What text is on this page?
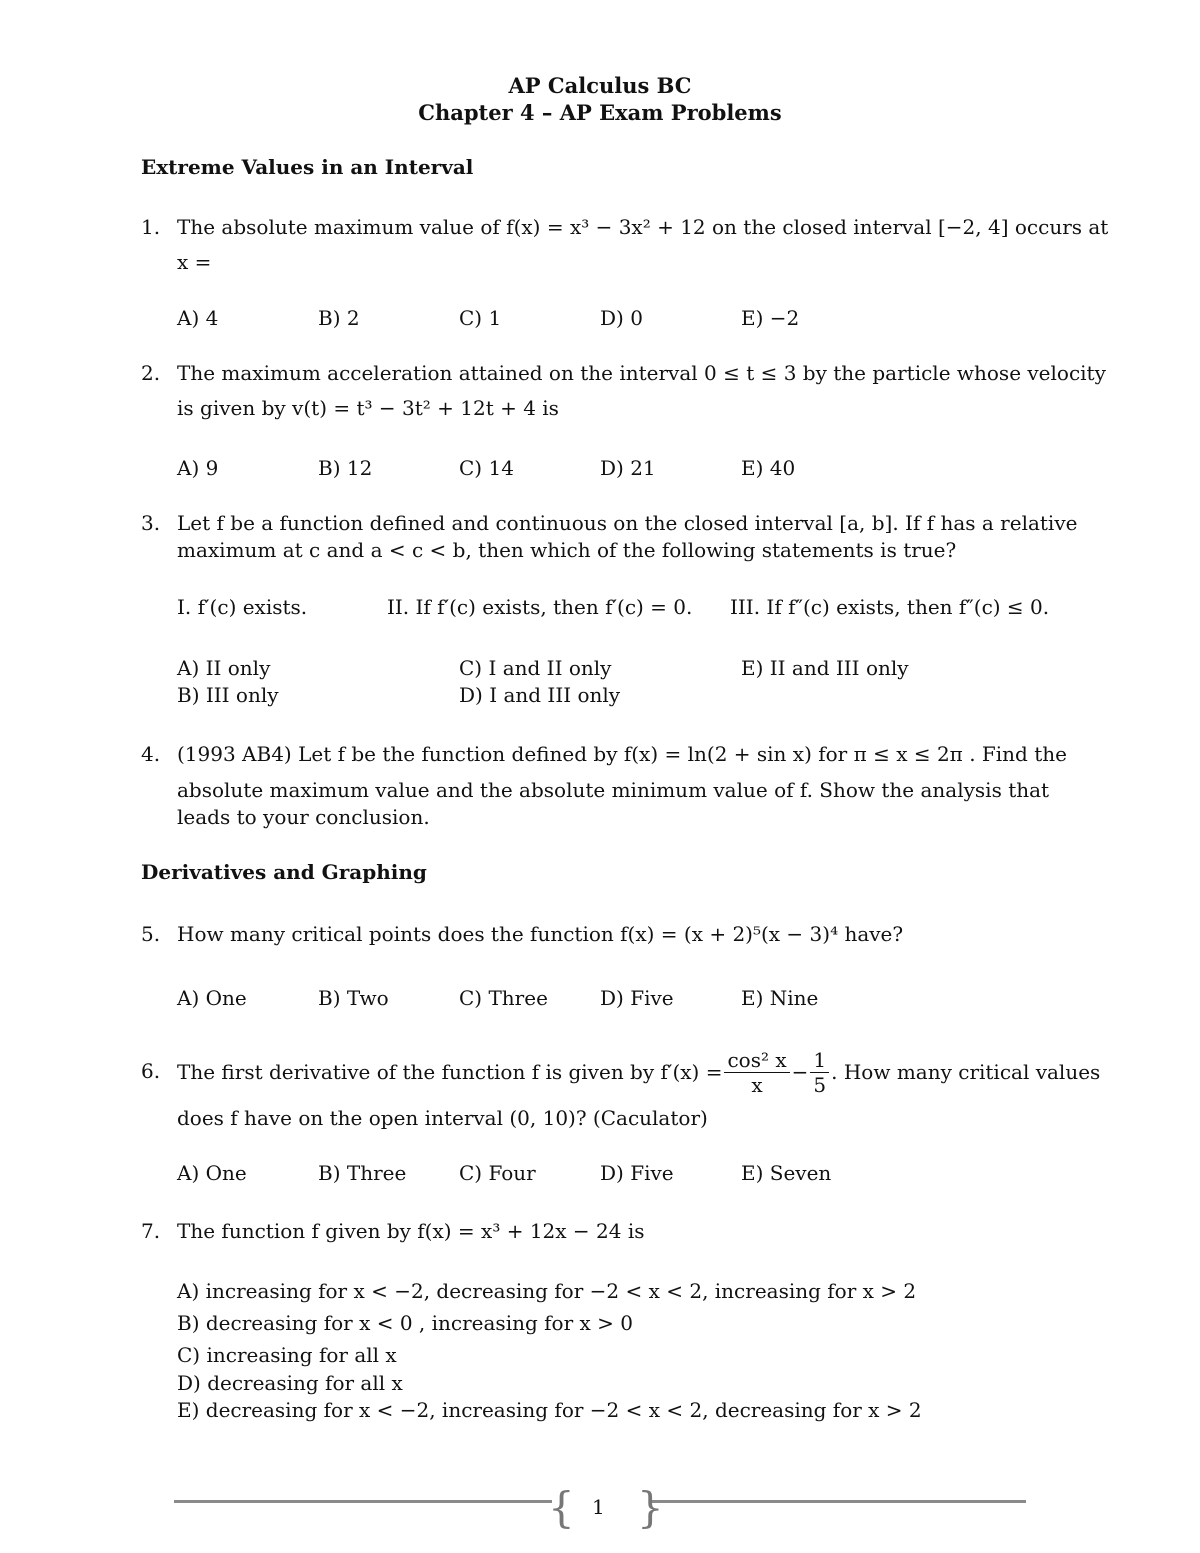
AP Calculus BC
Chapter 4 – AP Exam Problems
Extreme Values in an Interval
1. The absolute maximum value of f(x) = x³ − 3x² + 12 on the closed interval [−2, 4] occurs at
x =
A) 4	B) 2	C) 1	D) 0	E) −2
2. The maximum acceleration attained on the interval 0 ≤ t ≤ 3 by the particle whose velocity
is given by v(t) = t³ − 3t² + 12t + 4 is
A) 9	B) 12	C) 14	D) 21	E) 40
3. Let f be a function defined and continuous on the closed interval [a, b]. If f has a relative
maximum at c and a < c < b, then which of the following statements is true?
I. f′(c) exists.	II. If f′(c) exists, then f′(c) = 0. III. If f″(c) exists, then f″(c) ≤ 0.
A) II only
B) III only
C) I and II only
D) I and III only
E) II and III only
4. (1993 AB4) Let f be the function defined by f(x) = ln(2 + sin x) for π ≤ x ≤ 2π . Find the
absolute maximum value and the absolute minimum value of f. Show the analysis that
leads to your conclusion.
Derivatives and Graphing
5. How many critical points does the function f(x) = (x + 2)⁵(x − 3)⁴ have?
A) One	B) Two	C) Three	D) Five	E) Nine
6. The first derivative of the function f is given by $f'(x) = \frac{\text{cos² x}}{x} - \frac{1}{5}$ . How many critical values
does f have on the open interval (0, 10)? (Caculator)
A) One	B) Three	C) Four	D) Five	E) Seven
7. The function f given by f(x) = x³ + 12x − 24 is
A) increasing for x < −2, decreasing for −2 < x < 2, increasing for x > 2
B) decreasing for x < 0 , increasing for x > 0
C) increasing for all x
D) decreasing for all x
E) decreasing for x < −2, increasing for −2 < x < 2, decreasing for x > 2
{ }
1
